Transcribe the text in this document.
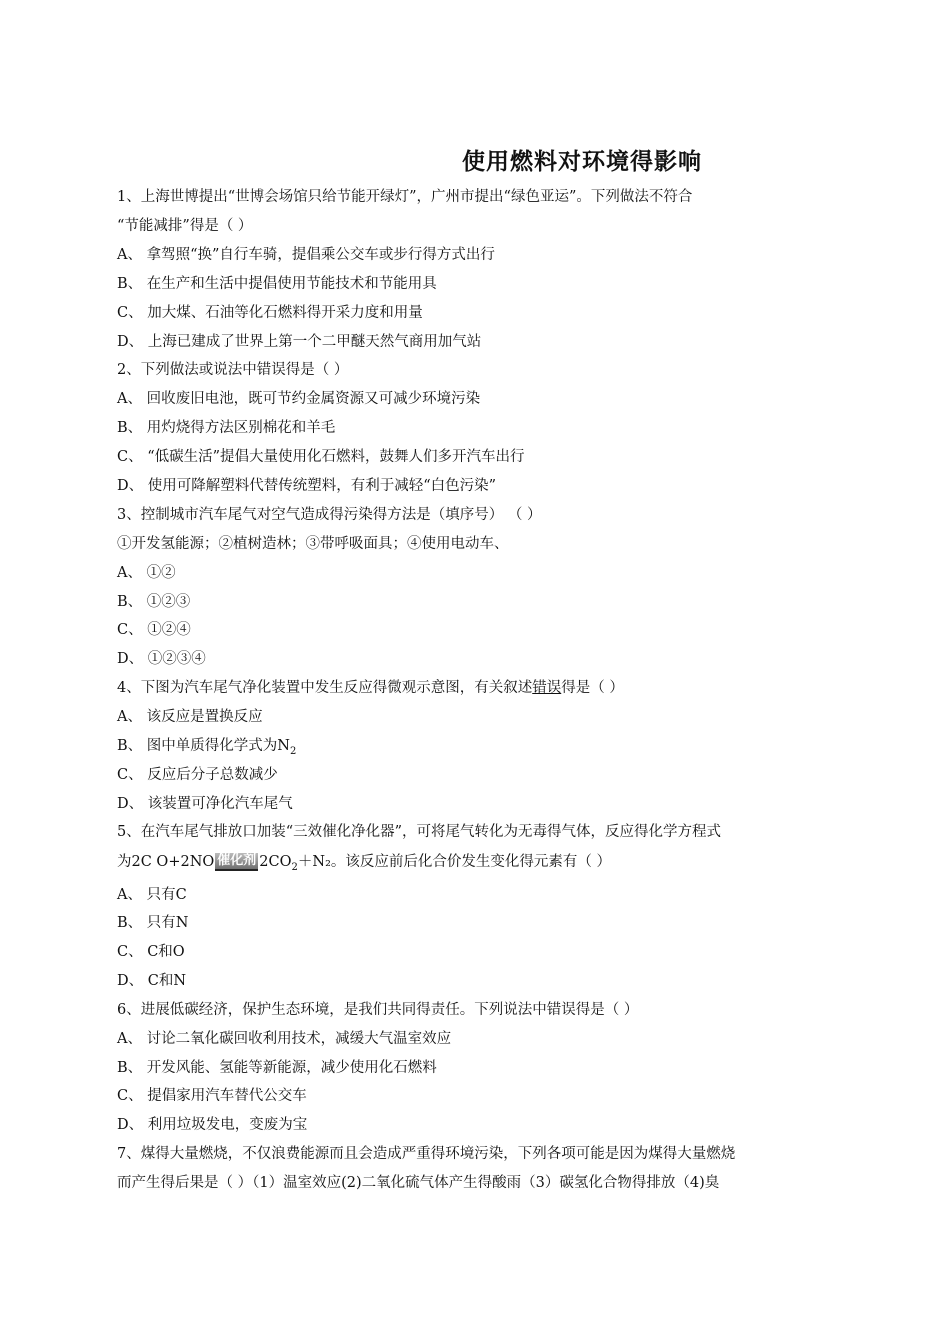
使用燃料对环境得影响
1、上海世博提出“世博会场馆只给节能开绿灯”，广州市提出“绿色亚运”。下列做法不符合
“节能减排”得是（ ）
A、 拿驾照“换”自行车骑，提倡乘公交车或步行得方式出行
B、 在生产和生活中提倡使用节能技术和节能用具
C、 加大煤、石油等化石燃料得开采力度和用量
D、 上海已建成了世界上第一个二甲醚天然气商用加气站
2、下列做法或说法中错误得是（ ）
A、 回收废旧电池，既可节约金属资源又可减少环境污染
B、 用灼烧得方法区别棉花和羊毛
C、 “低碳生活”提倡大量使用化石燃料，鼓舞人们多开汽车出行
D、 使用可降解塑料代替传统塑料，有利于减轻“白色污染”
3、控制城市汽车尾气对空气造成得污染得方法是（填序号） （ ）
①开发氢能源；②植树造林；③带呼吸面具；④使用电动车、
A、 ①②
B、 ①②③
C、 ①②④
D、 ①②③④
4、下图为汽车尾气净化装置中发生反应得微观示意图，有关叙述错误得是（ ）
A、 该反应是置换反应
B、 图中单质得化学式为$N_2$
C、 反应后分子总数减少
D、 该装置可净化汽车尾气
5、在汽车尾气排放口加装“三效催化净化器”，可将尾气转化为无毒得气体，反应得化学方程式
为2C O+2NO 催化剂 $2CO_2+N_2$。该反应前后化合价发生变化得元素有（ ）
A、 只有C
B、 只有N
C、 C和O
D、 C和N
6、进展低碳经济，保护生态环境，是我们共同得责任。下列说法中错误得是（ ）
A、 讨论二氧化碳回收利用技术，减缓大气温室效应
B、 开发风能、氢能等新能源，减少使用化石燃料
C、 提倡家用汽车替代公交车
D、 利用垃圾发电，变废为宝
7、煤得大量燃烧，不仅浪费能源而且会造成严重得环境污染，下列各项可能是因为煤得大量燃烧
而产生得后果是（ ）（1）温室效应(2)二氧化硫气体产生得酸雨（3）碳氢化合物得排放（4)臭
